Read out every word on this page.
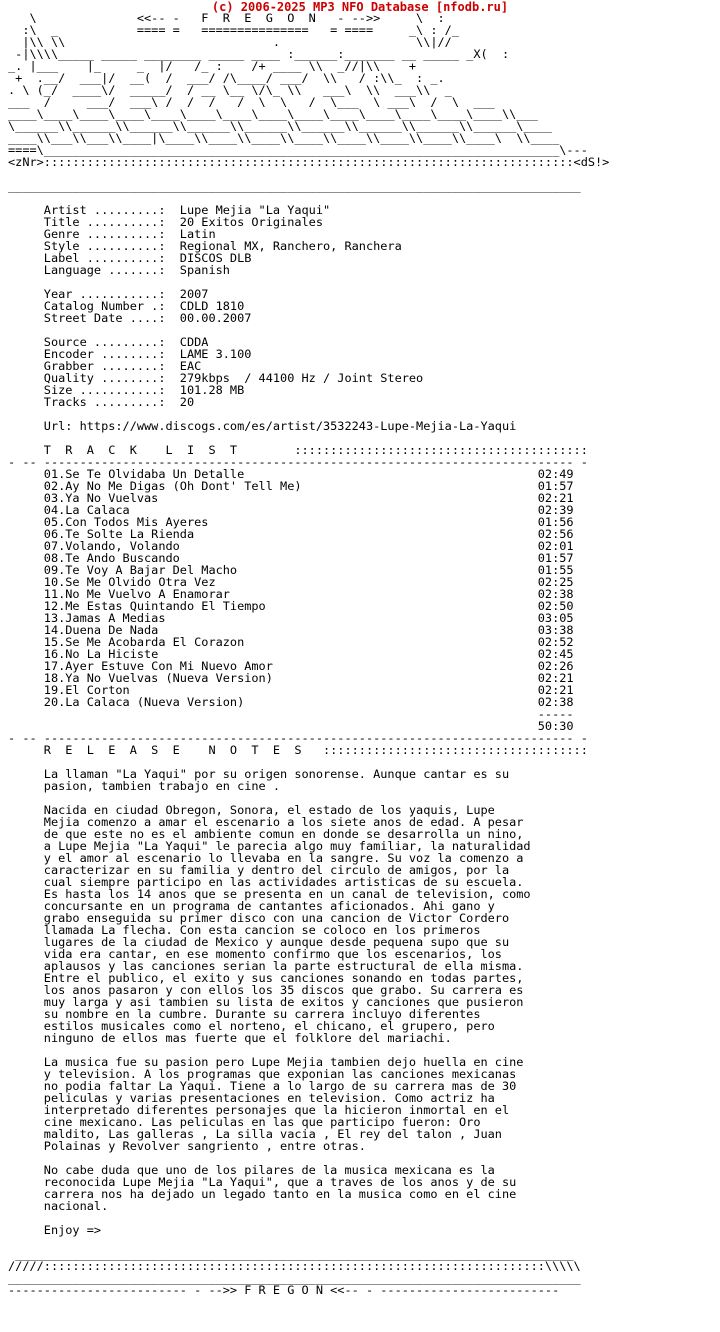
(c) 2006-2025 MP3 NFO Database [nfodb.ru]
\              <<-- -   F  R  E  G  O  N   - -->>     \  :
:\  _           ==== =   ===============   = ====     _\ : /_
|\\ \\                             .                   \\|//
-|\\\\_____ _____ ________ _____ ____ :______:_______ __ _____ _X(  :
_. |___    |_     _  |/   /_ :    /+ ____ \\  _//|\\    +
+  .__/  ___|/  __(  /  ___/ /\____/ ___/  \\   / :\\_  : _.
. \ (_/  ____\/  _____/  / __ \__ \/\_ \\   ___\  \\  ___\\  _
___  /     ___/  ___\ /  /  /   /  \  \   /  \___  \ ___\  /  \  ___
____\____\____\____\____\____\____\____\____\____\____\____\____\____\\___
\______\\______\\______\\______\\______\\______\\______\\______\\______\____
____\\___\\___\\____|\____\\____\\____\\____\\____\\____\\____\\____\  \\____
====\________________________________________________________________________\---
<zNr>::::::::::::::::::::::::::::::::::::::::::::::::::::::::::::::::::::::::::<dS!>

________________________________________________________________________________

Artist .........:  Lupe Mejia "La Yaqui"
Title ..........:  20 Exitos Originales
Genre ..........:  Latin
Style ..........:  Regional MX, Ranchero, Ranchera
Label ..........:  DISCOS DLB
Language .......:  Spanish

Year ...........:  2007
Catalog Number .:  CDLD 1810
Street Date ....:  00.00.2007

Source .........:  CDDA
Encoder ........:  LAME 3.100
Grabber ........:  EAC
Quality ........:  279kbps  / 44100 Hz / Joint Stereo
Size ...........:  101.28 MB
Tracks .........:  20

Url: https://www.discogs.com/es/artist/3532243-Lupe-Mejia-La-Yaqui

T  R  A  C  K    L  I  S  T        :::::::::::::::::::::::::::::::::::::::::
- -- -------------------------------------------------------------------------- -
01.Se Te Olvidaba Un Detalle                                         02:49
02.Ay No Me Digas (Oh Dont' Tell Me)                                 01:57
03.Ya No Vuelvas                                                     02:21
04.La Calaca                                                         02:39
05.Con Todos Mis Ayeres                                              01:56
06.Te Solte La Rienda                                                02:56
07.Volando, Volando                                                  02:01
08.Te Ando Buscando                                                  01:57
09.Te Voy A Bajar Del Macho                                          01:55
10.Se Me Olvido Otra Vez                                             02:25
11.No Me Vuelvo A Enamorar                                           02:38
12.Me Estas Quintando El Tiempo                                      02:50
13.Jamas A Medias                                                    03:05
14.Duena De Nada                                                     03:38
15.Se Me Acobarda El Corazon                                         02:52
16.No La Hiciste                                                     02:45
17.Ayer Estuve Con Mi Nuevo Amor                                     02:26
18.Ya No Vuelvas (Nueva Version)                                     02:21
19.El Corton                                                         02:21
20.La Calaca (Nueva Version)                                         02:38
-----
50:30
- -- -------------------------------------------------------------------------- -
R  E  L  E  A  S  E    N  O  T  E  S   :::::::::::::::::::::::::::::::::::::

La llaman "La Yaqui" por su origen sonorense. Aunque cantar es su
pasion, tambien trabajo en cine .

Nacida en ciudad Obregon, Sonora, el estado de los yaquis, Lupe
Mejia comenzo a amar el escenario a los siete anos de edad. A pesar
de que este no es el ambiente comun en donde se desarrolla un nino,
a Lupe Mejia "La Yaqui" le parecia algo muy familiar, la naturalidad
y el amor al escenario lo llevaba en la sangre. Su voz la comenzo a
caracterizar en su familia y dentro del circulo de amigos, por la
cual siempre participo en las actividades artisticas de su escuela.
Es hasta los 14 anos que se presenta en un canal de television, como
concursante en un programa de cantantes aficionados. Ahi gano y
grabo enseguida su primer disco con una cancion de Victor Cordero
llamada La flecha. Con esta cancion se coloco en los primeros
lugares de la ciudad de Mexico y aunque desde pequena supo que su
vida era cantar, en ese momento confirmo que los escenarios, los
aplausos y las canciones serian la parte estructural de ella misma.
Entre el publico, el exito y sus canciones sonando en todas partes,
los anos pasaron y con ellos los 35 discos que grabo. Su carrera es
muy larga y asi tambien su lista de exitos y canciones que pusieron
su nombre en la cumbre. Durante su carrera incluyo diferentes
estilos musicales como el norteno, el chicano, el grupero, pero
ninguno de ellos mas fuerte que el folklore del mariachi.

La musica fue su pasion pero Lupe Mejia tambien dejo huella en cine
y television. A los programas que exponian las canciones mexicanas
no podia faltar La Yaqui. Tiene a lo largo de su carrera mas de 30
peliculas y varias presentaciones en television. Como actriz ha
interpretado diferentes personajes que la hicieron inmortal en el
cine mexicano. Las peliculas en las que participo fueron: Oro
maldito, Las galleras , La silla vacia , El rey del talon , Juan
Polainas y Revolver sangriento , entre otras.

No cabe duda que uno de los pilares de la musica mexicana es la
reconocida Lupe Mejia "La Yaqui", que a traves de los anos y de su
carrera nos ha dejado un legado tanto en la musica como en el cine
nacional.

Enjoy =>

______________________________________________________________________________
/////::::::::::::::::::::::::::::::::::::::::::::::::::::::::::::::::::::::\\\\\
________________________________________________________________________________
------------------------- - -->> F R E G O N <<-- - -------------------------
